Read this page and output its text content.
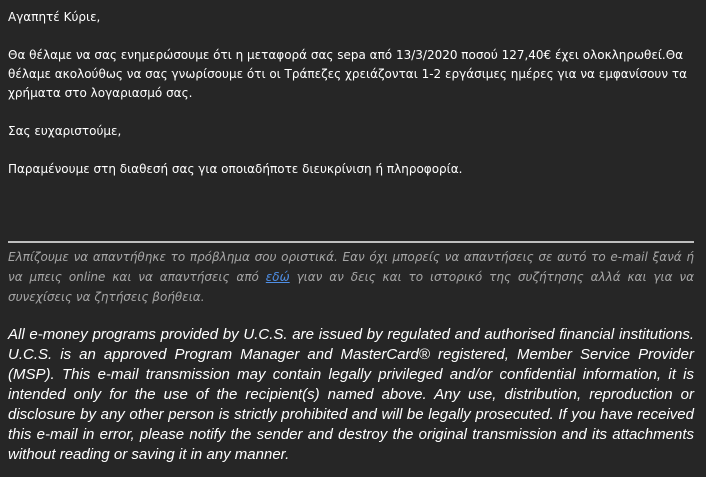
Αγαπητέ Κύριε,
Θα θέλαμε να σας ενημερώσουμε ότι η μεταφορά σας sepa από 13/3/2020 ποσού 127,40€ έχει ολοκληρωθεί.Θα
θέλαμε ακολούθως να σας γνωρίσουμε ότι οι Τράπεζες χρειάζονται 1-2 εργάσιμες ημέρες για να εμφανίσουν τα
χρήματα στο λογαριασμό σας.
Σας ευχαριστούμε,
Παραμένουμε στη διαθεσή σας για οποιαδήποτε διευκρίνιση ή πληροφορία.
Ελπίζουμε να απαντήθηκε το πρόβλημα σου οριστικά. Εαν όχι μπορείς να απαντήσεις σε αυτό το e-mail ξανά ή να μπεις online και να απαντήσεις από εδώ γιαν αν δεις και το ιστορικό της συζήτησης αλλά και για να συνεχίσεις να ζητήσεις βοήθεια.
All e-money programs provided by U.C.S. are issued by regulated and authorised financial institutions. U.C.S. is an approved Program Manager and MasterCard® registered, Member Service Provider (MSP). This e-mail transmission may contain legally privileged and/or confidential information, it is intended only for the use of the recipient(s) named above. Any use, distribution, reproduction or disclosure by any other person is strictly prohibited and will be legally prosecuted. If you have received this e-mail in error, please notify the sender and destroy the original transmission and its attachments without reading or saving it in any manner.
